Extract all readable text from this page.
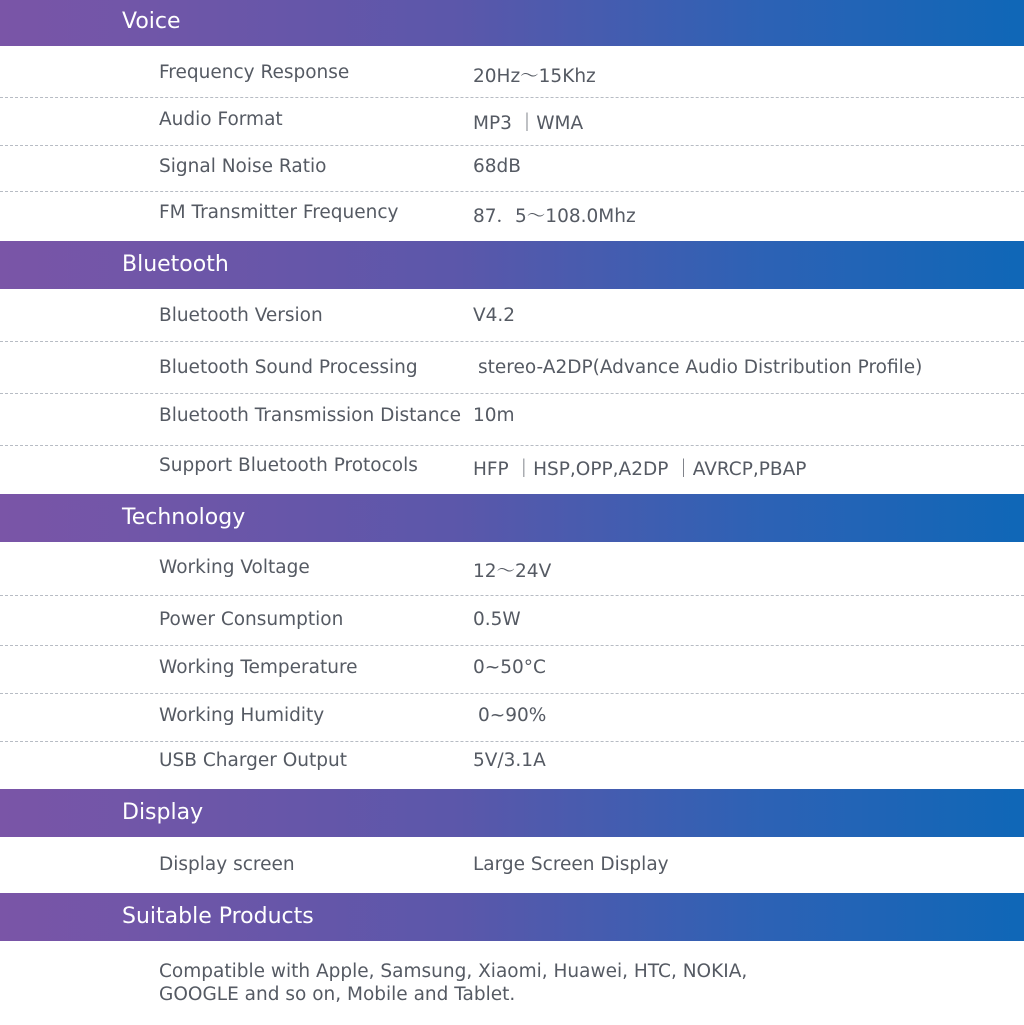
Voice
Frequency Response	20Hz～15Khz
Audio Format	MP3 ｜WMA
Signal Noise Ratio	68dB
FM Transmitter Frequency	87．5～108.0Mhz
Bluetooth
Bluetooth Version	V4.2
Bluetooth Sound Processing	stereo-A2DP(Advance Audio Distribution Profile)
Bluetooth Transmission Distance 10m
Support Bluetooth Protocols	HFP ｜HSP,OPP,A2DP ｜AVRCP,PBAP
Technology
Working Voltage	12～24V
Power Consumption	0.5W
Working Temperature	0~50°C
Working Humidity	0~90%
USB Charger Output	5V/3.1A
Display
Display screen	Large Screen Display
Suitable Products
Compatible with Apple, Samsung, Xiaomi, Huawei, HTC, NOKIA, GOOGLE and so on, Mobile and Tablet.
